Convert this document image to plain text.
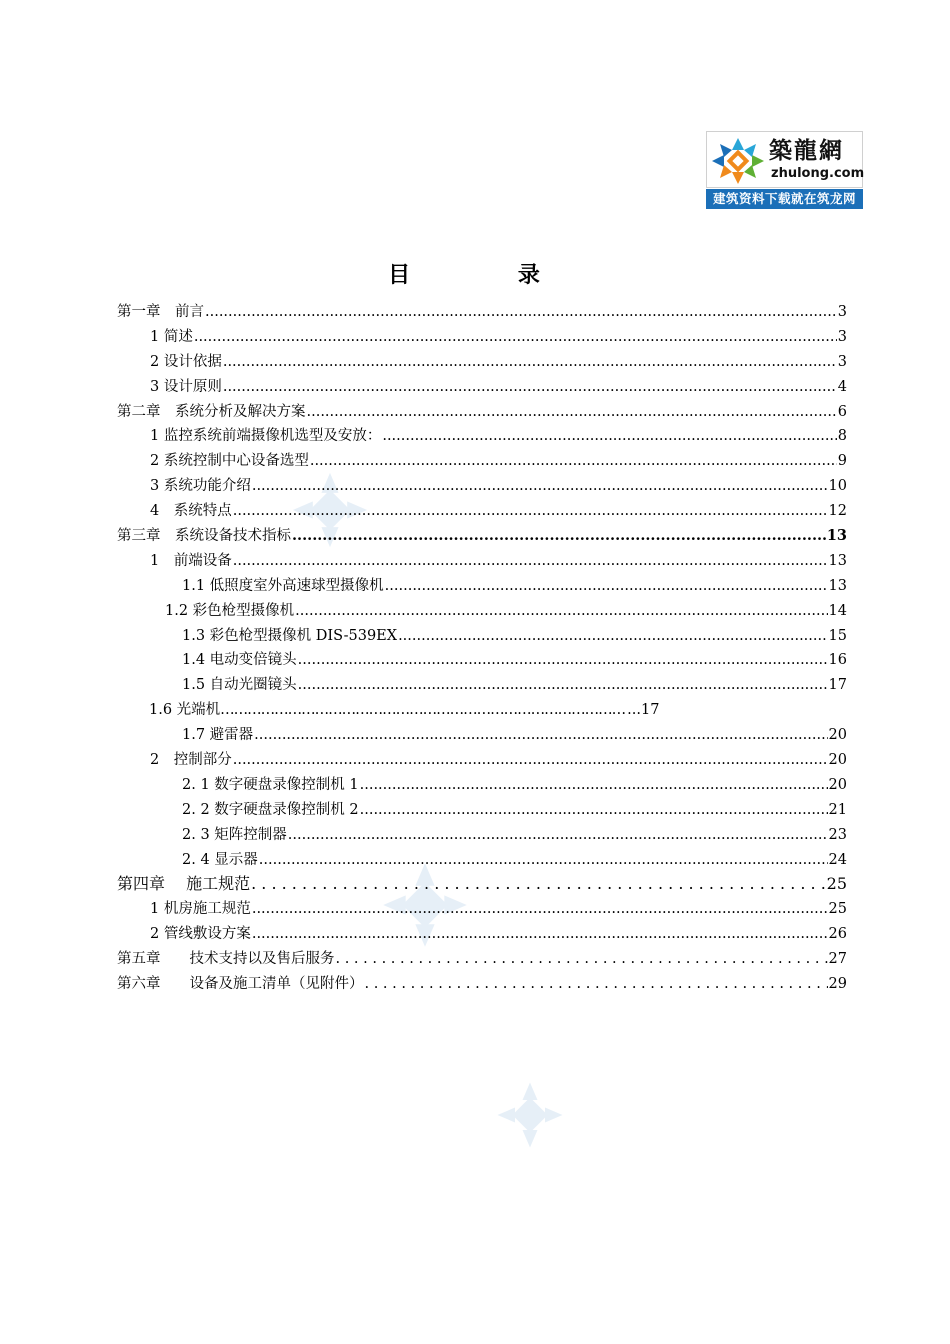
築龍網
zhulong.com
建筑资料下载就在筑龙网
目 录
第一章　前言 .....	3
1 简述 .....	3
2 设计依据 .....	3
3 设计原则 .....	4
第二章　系统分析及解决方案 .....	6
1 监控系统前端摄像机选型及安放： .....	8
2 系统控制中心设备选型 .....	9
3 系统功能介绍 .....	10
4　系统特点 .....	12
第三章　系统设备技术指标 .....	13
1　前端设备 .....	13
1.1 低照度室外高速球型摄像机 .....	13
1.2 彩色枪型摄像机 .....	14
1.3 彩色枪型摄像机 DIS-539EX .....	15
1.4 电动变倍镜头 .....	16
1.5 自动光圈镜头 .....	17
1.6 光端机 ……………………………………………………………………………… ...17
1.7 避雷器 .....	20
2　控制部分 .....	20
2. 1 数字硬盘录像控制机 1 .....	20
2. 2 数字硬盘录像控制机 2 .....	21
2. 3 矩阵控制器 .....	23
2. 4 显示器 .....	24
第四章　 施工规范 . . .	25
1 机房施工规范 .....	25
2 管线敷设方案 .....	26
第五章　　技术支持以及售后服务 . . .	27
第六章　　设备及施工清单（见附件） . . .	29
